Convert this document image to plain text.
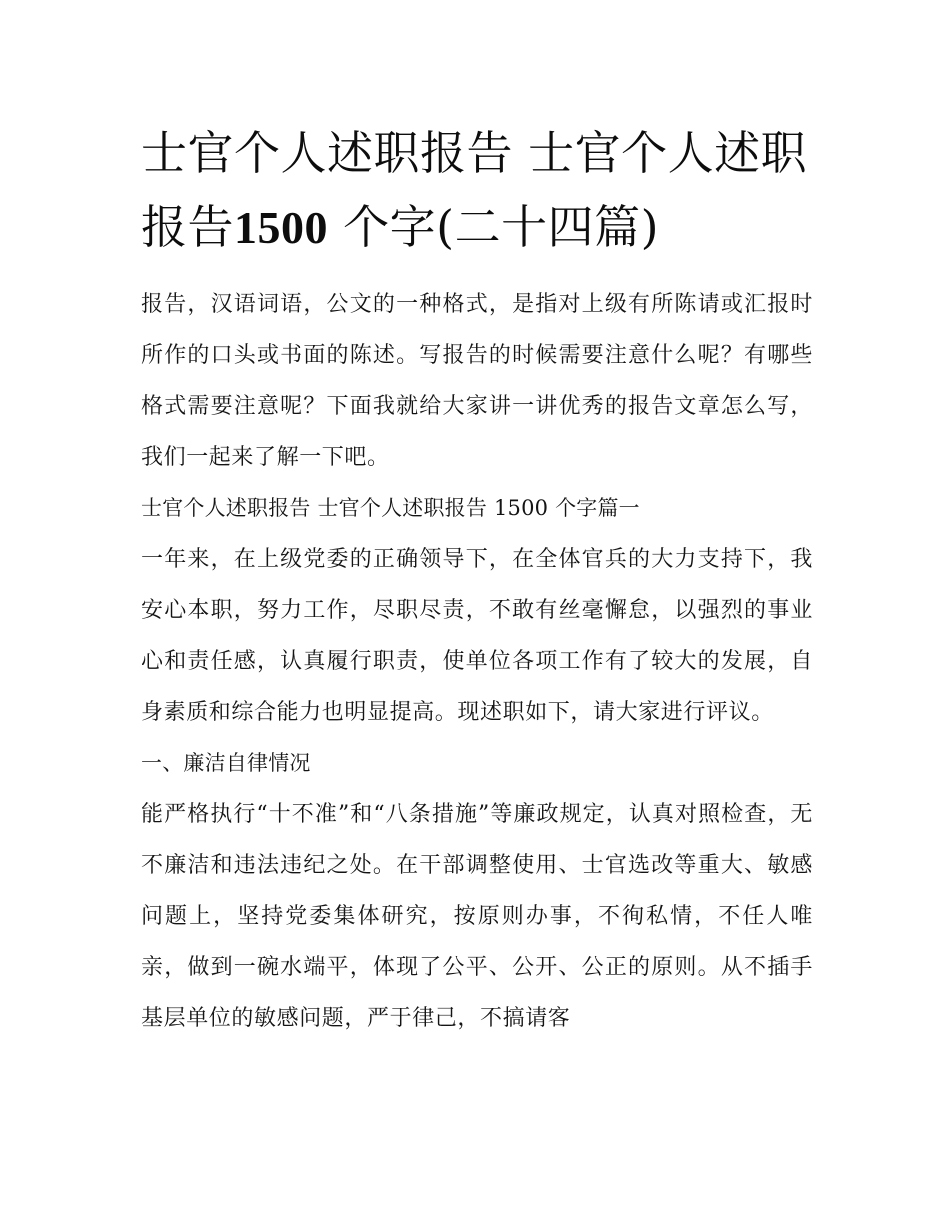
士官个人述职报告 士官个人述职报告1500 个字(二十四篇)

报告，汉语词语，公文的一种格式，是指对上级有所陈请或汇报时所作的口头或书面的陈述。写报告的时候需要注意什么呢？有哪些格式需要注意呢？下面我就给大家讲一讲优秀的报告文章怎么写，我们一起来了解一下吧。

士官个人述职报告 士官个人述职报告 1500 个字篇一

一年来，在上级党委的正确领导下，在全体官兵的大力支持下，我安心本职，努力工作，尽职尽责，不敢有丝毫懈怠，以强烈的事业心和责任感，认真履行职责，使单位各项工作有了较大的发展，自身素质和综合能力也明显提高。现述职如下，请大家进行评议。

一、廉洁自律情况

能严格执行“十不准”和“八条措施”等廉政规定，认真对照检查，无不廉洁和违法违纪之处。在干部调整使用、士官选改等重大、敏感问题上，坚持党委集体研究，按原则办事，不徇私情，不任人唯亲，做到一碗水端平，体现了公平、公开、公正的原则。从不插手基层单位的敏感问题，严于律己，不搞请客
